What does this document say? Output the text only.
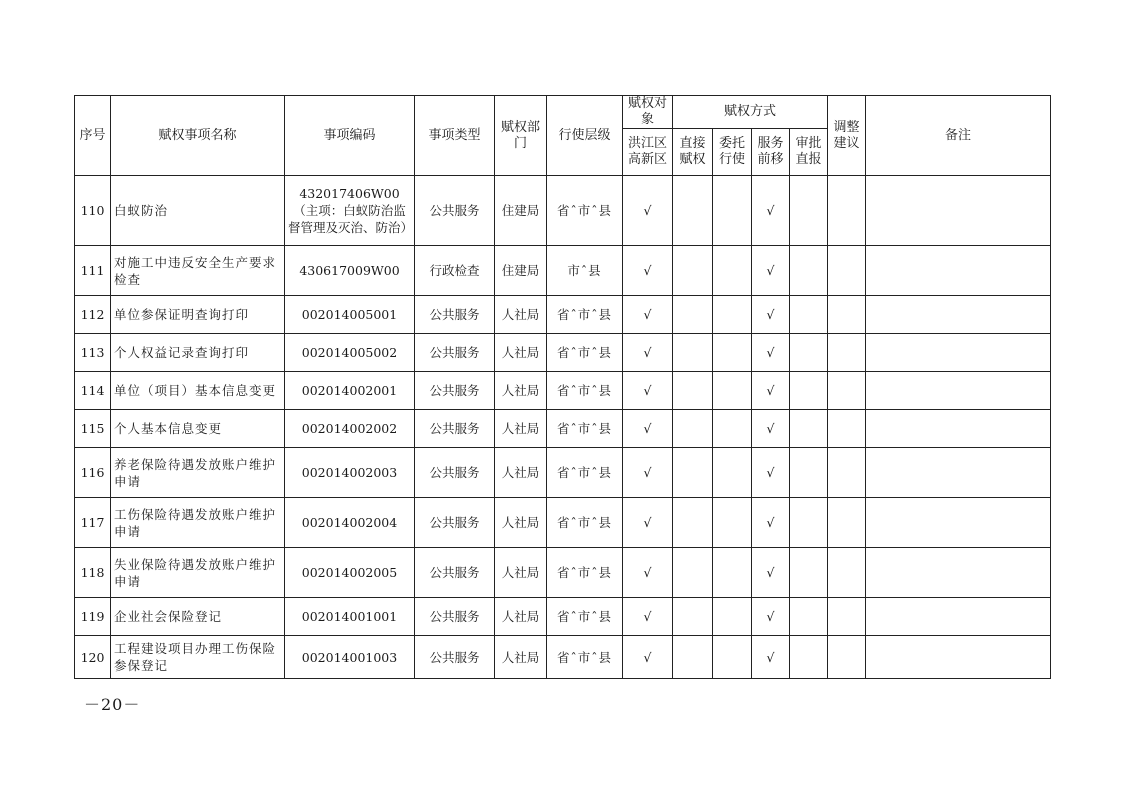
序号	赋权事项名称	事项编码	事项类型	赋权部门	行使层级	赋权对象	赋权方式				调整建议	备注
						洪江区高新区	直接赋权	委托行使	服务前移	审批直报		
110	白蚁防治	432017406W00（主项：白蚁防治监督管理及灭治、防治）	公共服务	住建局	省ˆ市ˆ县	√			√			
111	对施工中违反安全生产要求检查	430617009W00	行政检查	住建局	市ˆ县	√			√			
112	单位参保证明查询打印	002014005001	公共服务	人社局	省ˆ市ˆ县	√			√			
113	个人权益记录查询打印	002014005002	公共服务	人社局	省ˆ市ˆ县	√			√			
114	单位（项目）基本信息变更	002014002001	公共服务	人社局	省ˆ市ˆ县	√			√			
115	个人基本信息变更	002014002002	公共服务	人社局	省ˆ市ˆ县	√			√			
116	养老保险待遇发放账户维护申请	002014002003	公共服务	人社局	省ˆ市ˆ县	√			√			
117	工伤保险待遇发放账户维护申请	002014002004	公共服务	人社局	省ˆ市ˆ县	√			√			
118	失业保险待遇发放账户维护申请	002014002005	公共服务	人社局	省ˆ市ˆ县	√			√			
119	企业社会保险登记	002014001001	公共服务	人社局	省ˆ市ˆ县	√			√			
120	工程建设项目办理工伤保险参保登记	002014001003	公共服务	人社局	省ˆ市ˆ县	√			√			
－20－
